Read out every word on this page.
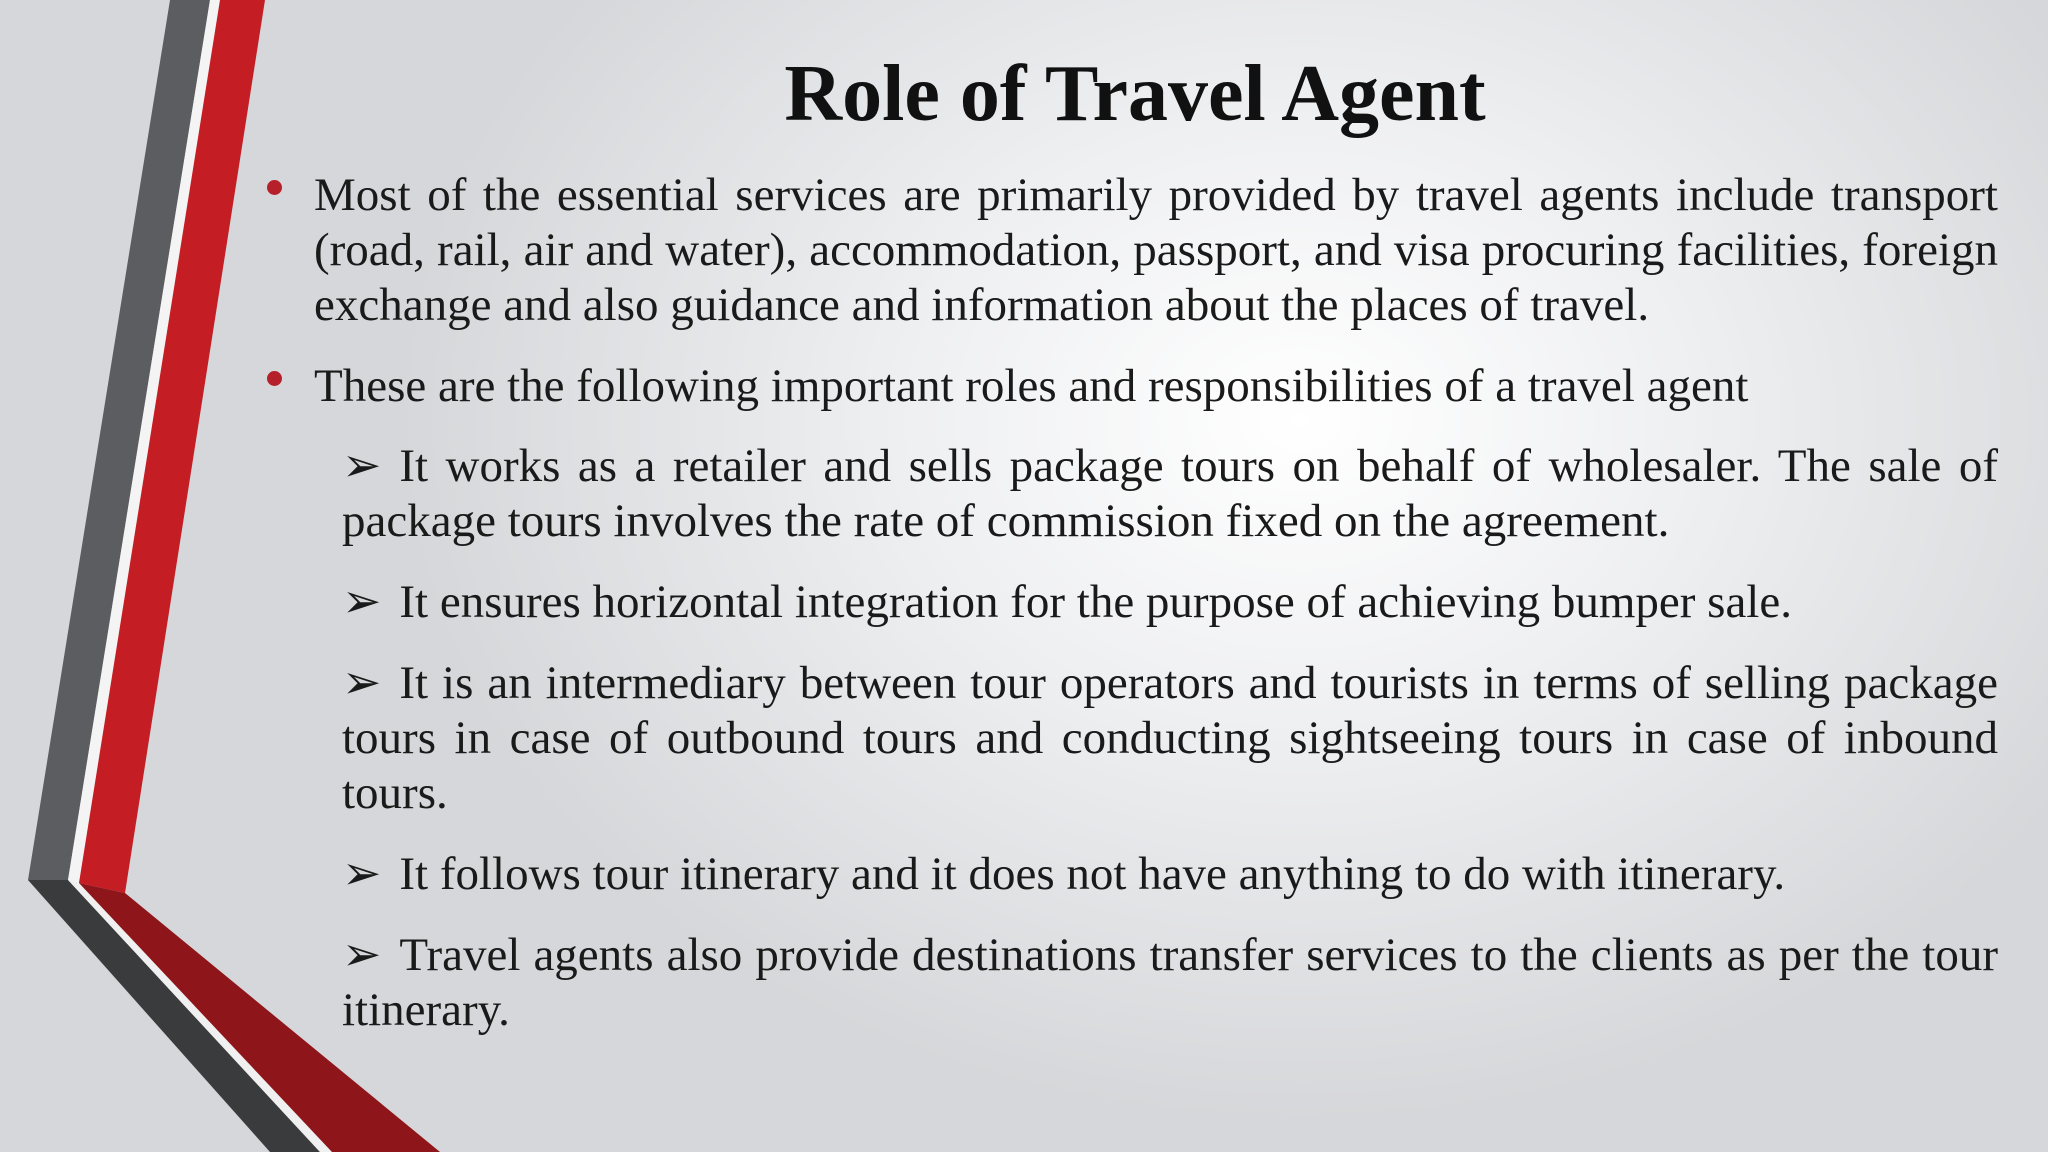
Role of Travel Agent
Most of the essential services are primarily provided by travel agents include transport (road, rail, air and water), accommodation, passport, and visa procuring facilities, foreign exchange and also guidance and information about the places of travel.
These are the following important roles and responsibilities of a travel agent
➢ It works as a retailer and sells package tours on behalf of wholesaler. The sale of package tours involves the rate of commission fixed on the agreement.
➢ It ensures horizontal integration for the purpose of achieving bumper sale.
➢ It is an intermediary between tour operators and tourists in terms of selling package tours in case of outbound tours and conducting sightseeing tours in case of inbound tours.
➢ It follows tour itinerary and it does not have anything to do with itinerary.
➢ Travel agents also provide destinations transfer services to the clients as per the tour itinerary.
